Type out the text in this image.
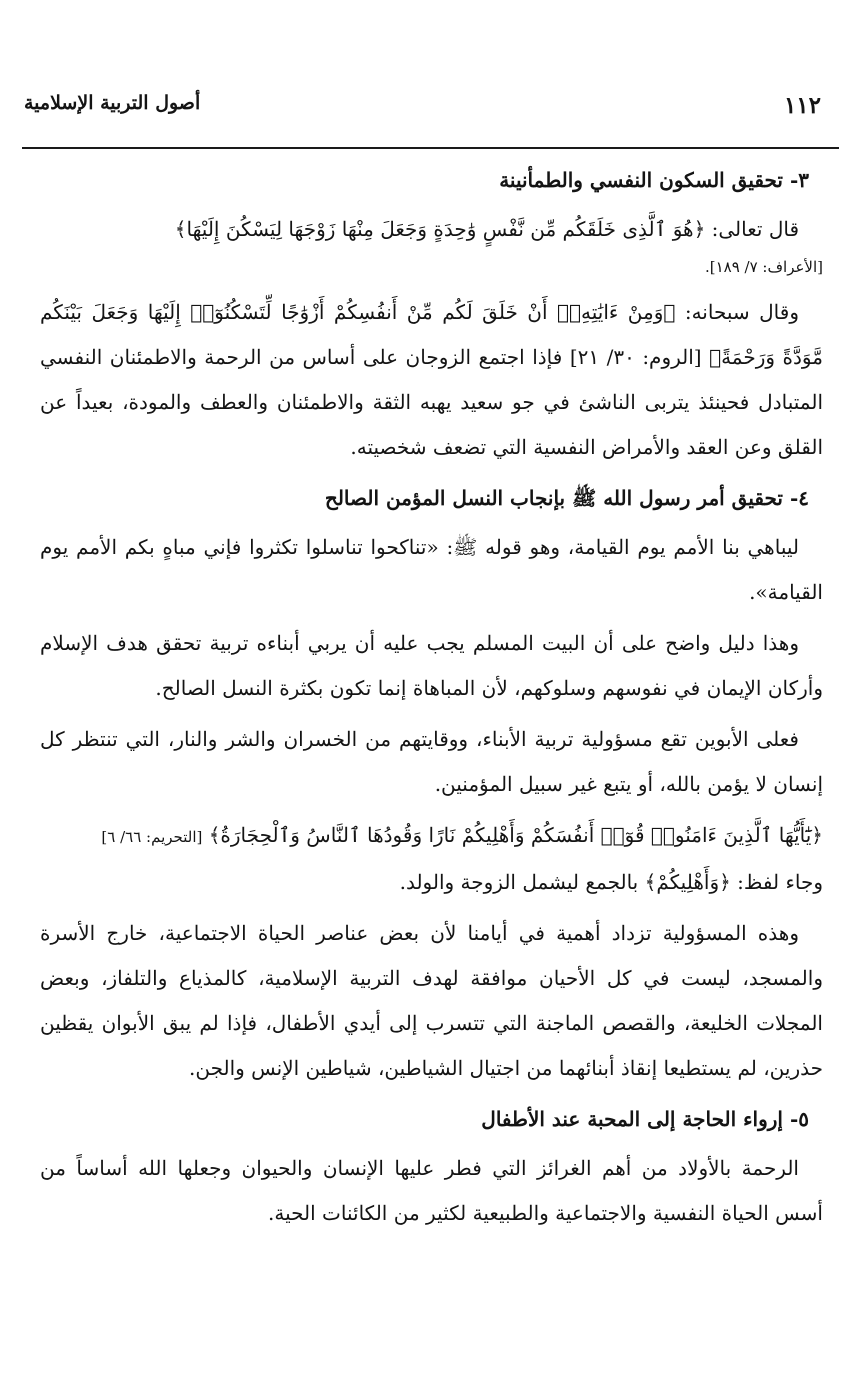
١١٢
أصول التربية الإسلامية
٣- تحقيق السكون النفسي والطمأنينة

قال تعالى: ﴿هُوَ ٱلَّذِى خَلَقَكُم مِّن نَّفْسٍ وَٰحِدَةٍ وَجَعَلَ مِنْهَا زَوْجَهَا لِيَسْكُنَ إِلَيْهَا﴾

[الأعراف: ٧/ ١٨٩].

وقال سبحانه: ﴿وَمِنْ ءَايَٰتِهِۦٓ أَنْ خَلَقَ لَكُم مِّنْ أَنفُسِكُمْ أَزْوَٰجًا لِّتَسْكُنُوٓا۟ إِلَيْهَا وَجَعَلَ بَيْنَكُم مَّوَدَّةً وَرَحْمَةً﴾ [الروم: ٣٠/ ٢١] فإذا اجتمع الزوجان على أساس من الرحمة والاطمئنان النفسي المتبادل فحينئذ يتربى الناشئ في جو سعيد يهبه الثقة والاطمئنان والعطف والمودة، بعيداً عن القلق وعن العقد والأمراض النفسية التي تضعف شخصيته.

٤- تحقيق أمر رسول الله ﷺ بإنجاب النسل المؤمن الصالح

ليباهي بنا الأمم يوم القيامة، وهو قوله ﷺ: «تناكحوا تناسلوا تكثروا فإني مباهٍ بكم الأمم يوم القيامة».

وهذا دليل واضح على أن البيت المسلم يجب عليه أن يربي أبناءه تربية تحقق هدف الإسلام وأركان الإيمان في نفوسهم وسلوكهم، لأن المباهاة إنما تكون بكثرة النسل الصالح.

فعلى الأبوين تقع مسؤولية تربية الأبناء، ووقايتهم من الخسران والشر والنار، التي تنتظر كل إنسان لا يؤمن بالله، أو يتبع غير سبيل المؤمنين.

﴿يَٰٓأَيُّهَا ٱلَّذِينَ ءَامَنُوا۟ قُوٓا۟ أَنفُسَكُمْ وَأَهْلِيكُمْ نَارًا وَقُودُهَا ٱلنَّاسُ وَٱلْحِجَارَةُ﴾ [التحريم: ٦٦/ ٦]

وجاء لفظ: ﴿وَأَهْلِيكُمْ﴾ بالجمع ليشمل الزوجة والولد.

وهذه المسؤولية تزداد أهمية في أيامنا لأن بعض عناصر الحياة الاجتماعية، خارج الأسرة والمسجد، ليست في كل الأحيان موافقة لهدف التربية الإسلامية، كالمذياع والتلفاز، وبعض المجلات الخليعة، والقصص الماجنة التي تتسرب إلى أيدي الأطفال، فإذا لم يبق الأبوان يقظين حذرين، لم يستطيعا إنقاذ أبنائهما من اجتيال الشياطين، شياطين الإنس والجن.

٥- إرواء الحاجة إلى المحبة عند الأطفال

الرحمة بالأولاد من أهم الغرائز التي فطر عليها الإنسان والحيوان وجعلها الله أساساً من أسس الحياة النفسية والاجتماعية والطبيعية لكثير من الكائنات الحية.
